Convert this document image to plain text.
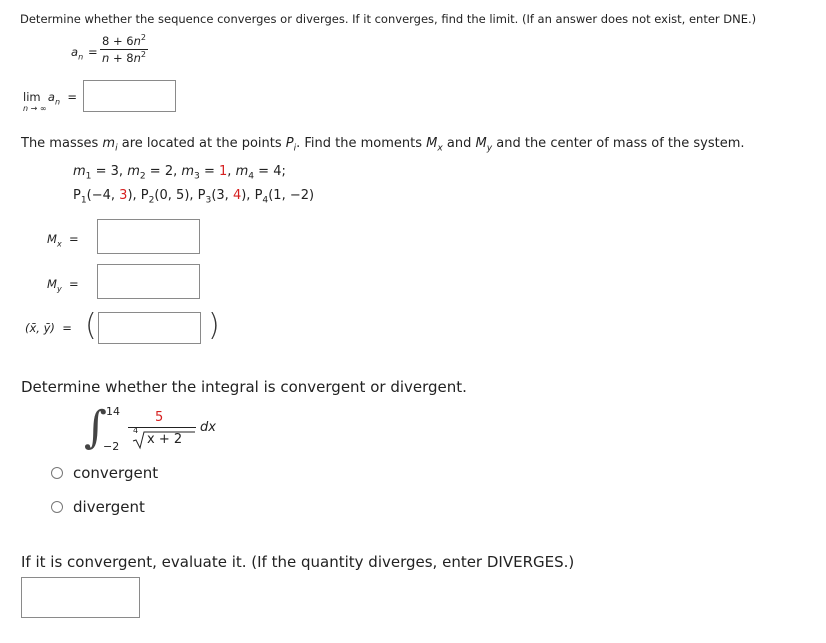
Determine whether the sequence converges or diverges. If it converges, find the limit. (If an answer does not exist, enter DNE.)
$a_n = \frac{8 + 6n^2}{n + 8n^2}$
$\lim a_n$ =
n → ∞
The masses $m_i$ are located at the points $P_i$. Find the moments $M_x$ and $M_y$ and the center of mass of the system.
$m_1 = 3$, $m_2 = 2$, $m_3 = 1$, $m_4 = 4$;
$P_1(-4$, 3), $P_2(0$, 5), $P_3(3$, 4), $P_4(1$, −2)
$M_x$ =
$M_y$ =
(x̄, ȳ) = (	)
Determine whether the integral is convergent or divergent.
∫ 14
−2
5
4
x + 2
dx
convergent
divergent
If it is convergent, evaluate it. (If the quantity diverges, enter DIVERGES.)
